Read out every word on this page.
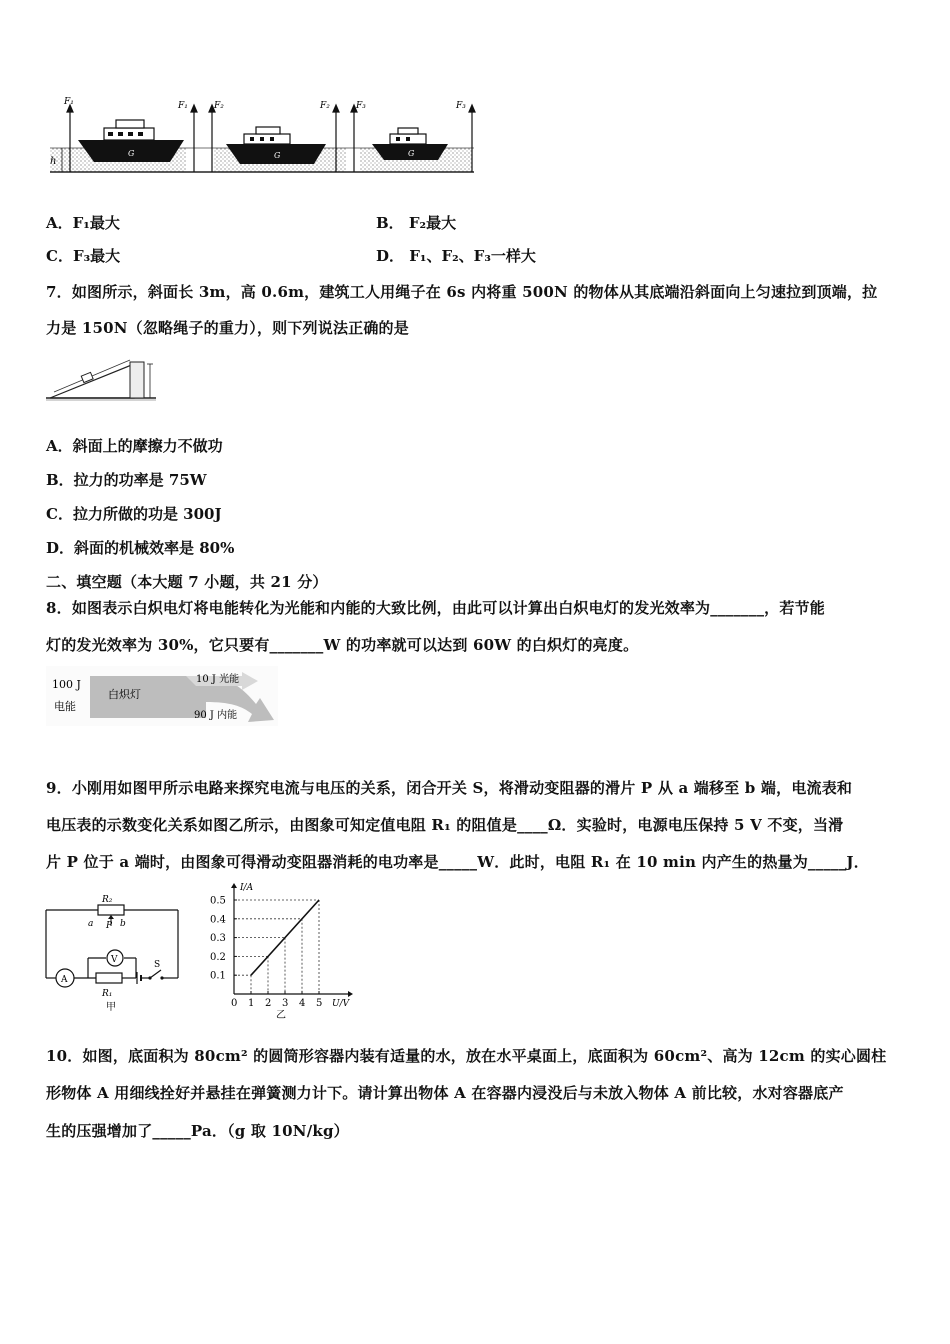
h
F₁	F₁	F₂	F₂	F₃	F₃
G	G	G
A．F₁最大	B． F₂最大
C．F₃最大	D． F₁、F₂、F₃一样大
7．如图所示，斜面长 3m，高 0.6m，建筑工人用绳子在 6s 内将重 500N 的物体从其底端沿斜面向上匀速拉到顶端，拉
力是 150N（忽略绳子的重力），则下列说法正确的是
A．斜面上的摩擦力不做功
B．拉力的功率是 75W
C．拉力所做的功是 300J
D．斜面的机械效率是 80%
二、填空题（本大题 7 小题，共 21 分）
8．如图表示白炽电灯将电能转化为光能和内能的大致比例，由此可以计算出白炽电灯的发光效率为_______，若节能
灯的发光效率为 30%，它只要有_______W 的功率就可以达到 60W 的白炽灯的亮度。
100 J
电能
白炽灯
10 J 光能
90 J 内能
9．小刚用如图甲所示电路来探究电流与电压的关系，闭合开关 S，将滑动变阻器的滑片 P 从 a 端移至 b 端，电流表和
电压表的示数变化关系如图乙所示，由图象可知定值电阻 R₁ 的阻值是____Ω．实验时，电源电压保持 5 V 不变，当滑
片 P 位于 a 端时，由图象可得滑动变阻器消耗的电功率是_____W．此时，电阻 R₁ 在 10 min 内产生的热量为_____J．
R₂
a P b
V
A
R₁
S
甲	0 1 2 3 4 5
0.1
0.2
0.3
0.4
0.5
I/A
U/V
乙
10．如图，底面积为 80cm² 的圆筒形容器内装有适量的水，放在水平桌面上，底面积为 60cm²、高为 12cm 的实心圆柱
形物体 A 用细线拴好并悬挂在弹簧测力计下。请计算出物体 A 在容器内浸没后与未放入物体 A 前比较，水对容器底产
生的压强增加了_____Pa．（g 取 10N/kg）
